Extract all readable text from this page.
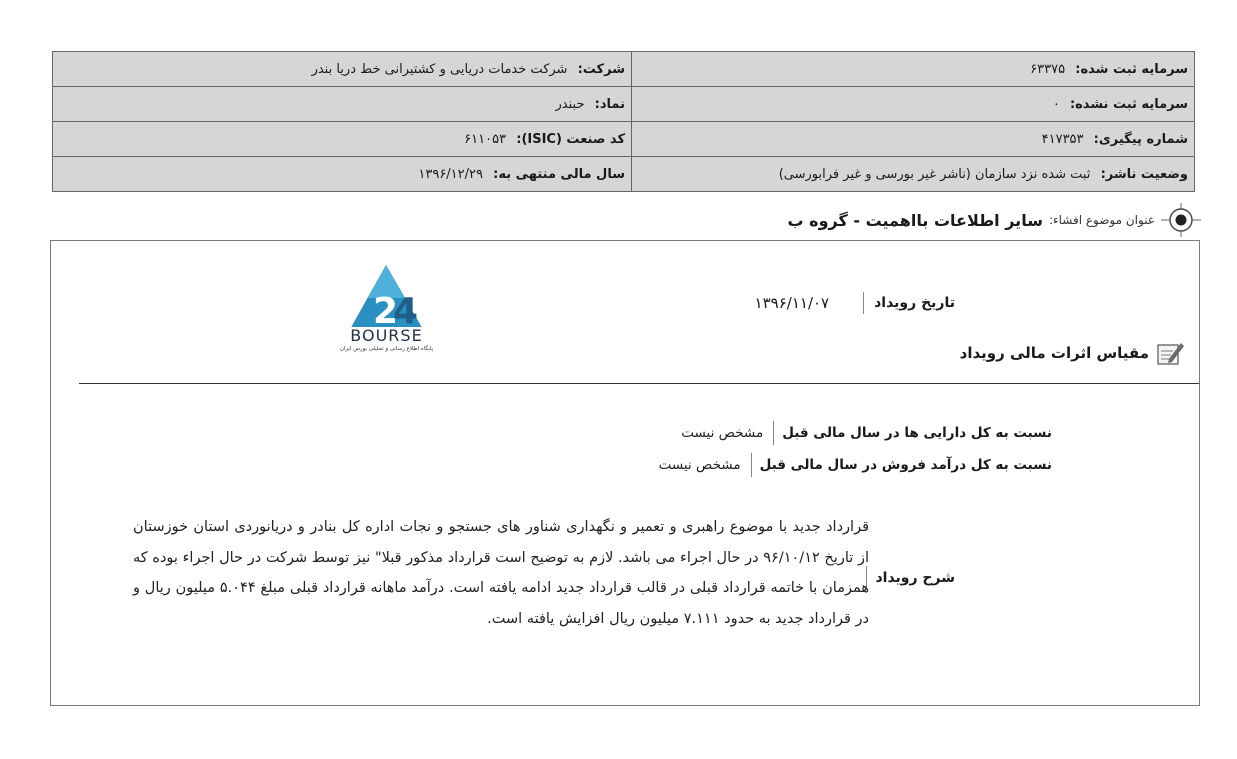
شرکت: شرکت خدمات دریایی و کشتیرانی خط دریا بندر	سرمایه ثبت شده: ۶۳۳۷۵
نماد: حبندر	سرمایه ثبت نشده: ۰
کد صنعت (ISIC): ۶۱۱۰۵۳	شماره پیگیری: ۴۱۷۳۵۳
سال مالی منتهی به: ۱۳۹۶/۱۲/۲۹	وضعیت ناشر: ثبت شده نزد سازمان (ناشر غیر بورسی و غیر فرابورسی)
عنوان موضوع افشاء:
سایر اطلاعات بااهمیت - گروه ب
2
4
BOURSE
پایگاه اطلاع رسانی و تحلیلی بورس ایران
تاریخ رویداد
۱۳۹۶/۱۱/۰۷
مقیاس اثرات مالی رویداد
نسبت به کل دارایی ها در سال مالی قبل
مشخص نیست
نسبت به کل درآمد فروش در سال مالی قبل
مشخص نیست
شرح رویداد
قرارداد جدید با موضوع راهبری و تعمیر و نگهداری شناور های جستجو و نجات اداره کل بنادر و دریانوردی استان خوزستان از تاریخ ۹۶/۱۰/۱۲ در حال اجراء می باشد. لازم به توضیح است قرارداد مذکور قبلا" نیز توسط شرکت در حال اجراء بوده که همزمان با خاتمه قرارداد قبلی در قالب قرارداد جدید ادامه یافته است. درآمد ماهانه قرارداد قبلی مبلغ ۵.۰۴۴ میلیون ریال و در قرارداد جدید به حدود ۷.۱۱۱ میلیون ریال افزایش یافته است.
